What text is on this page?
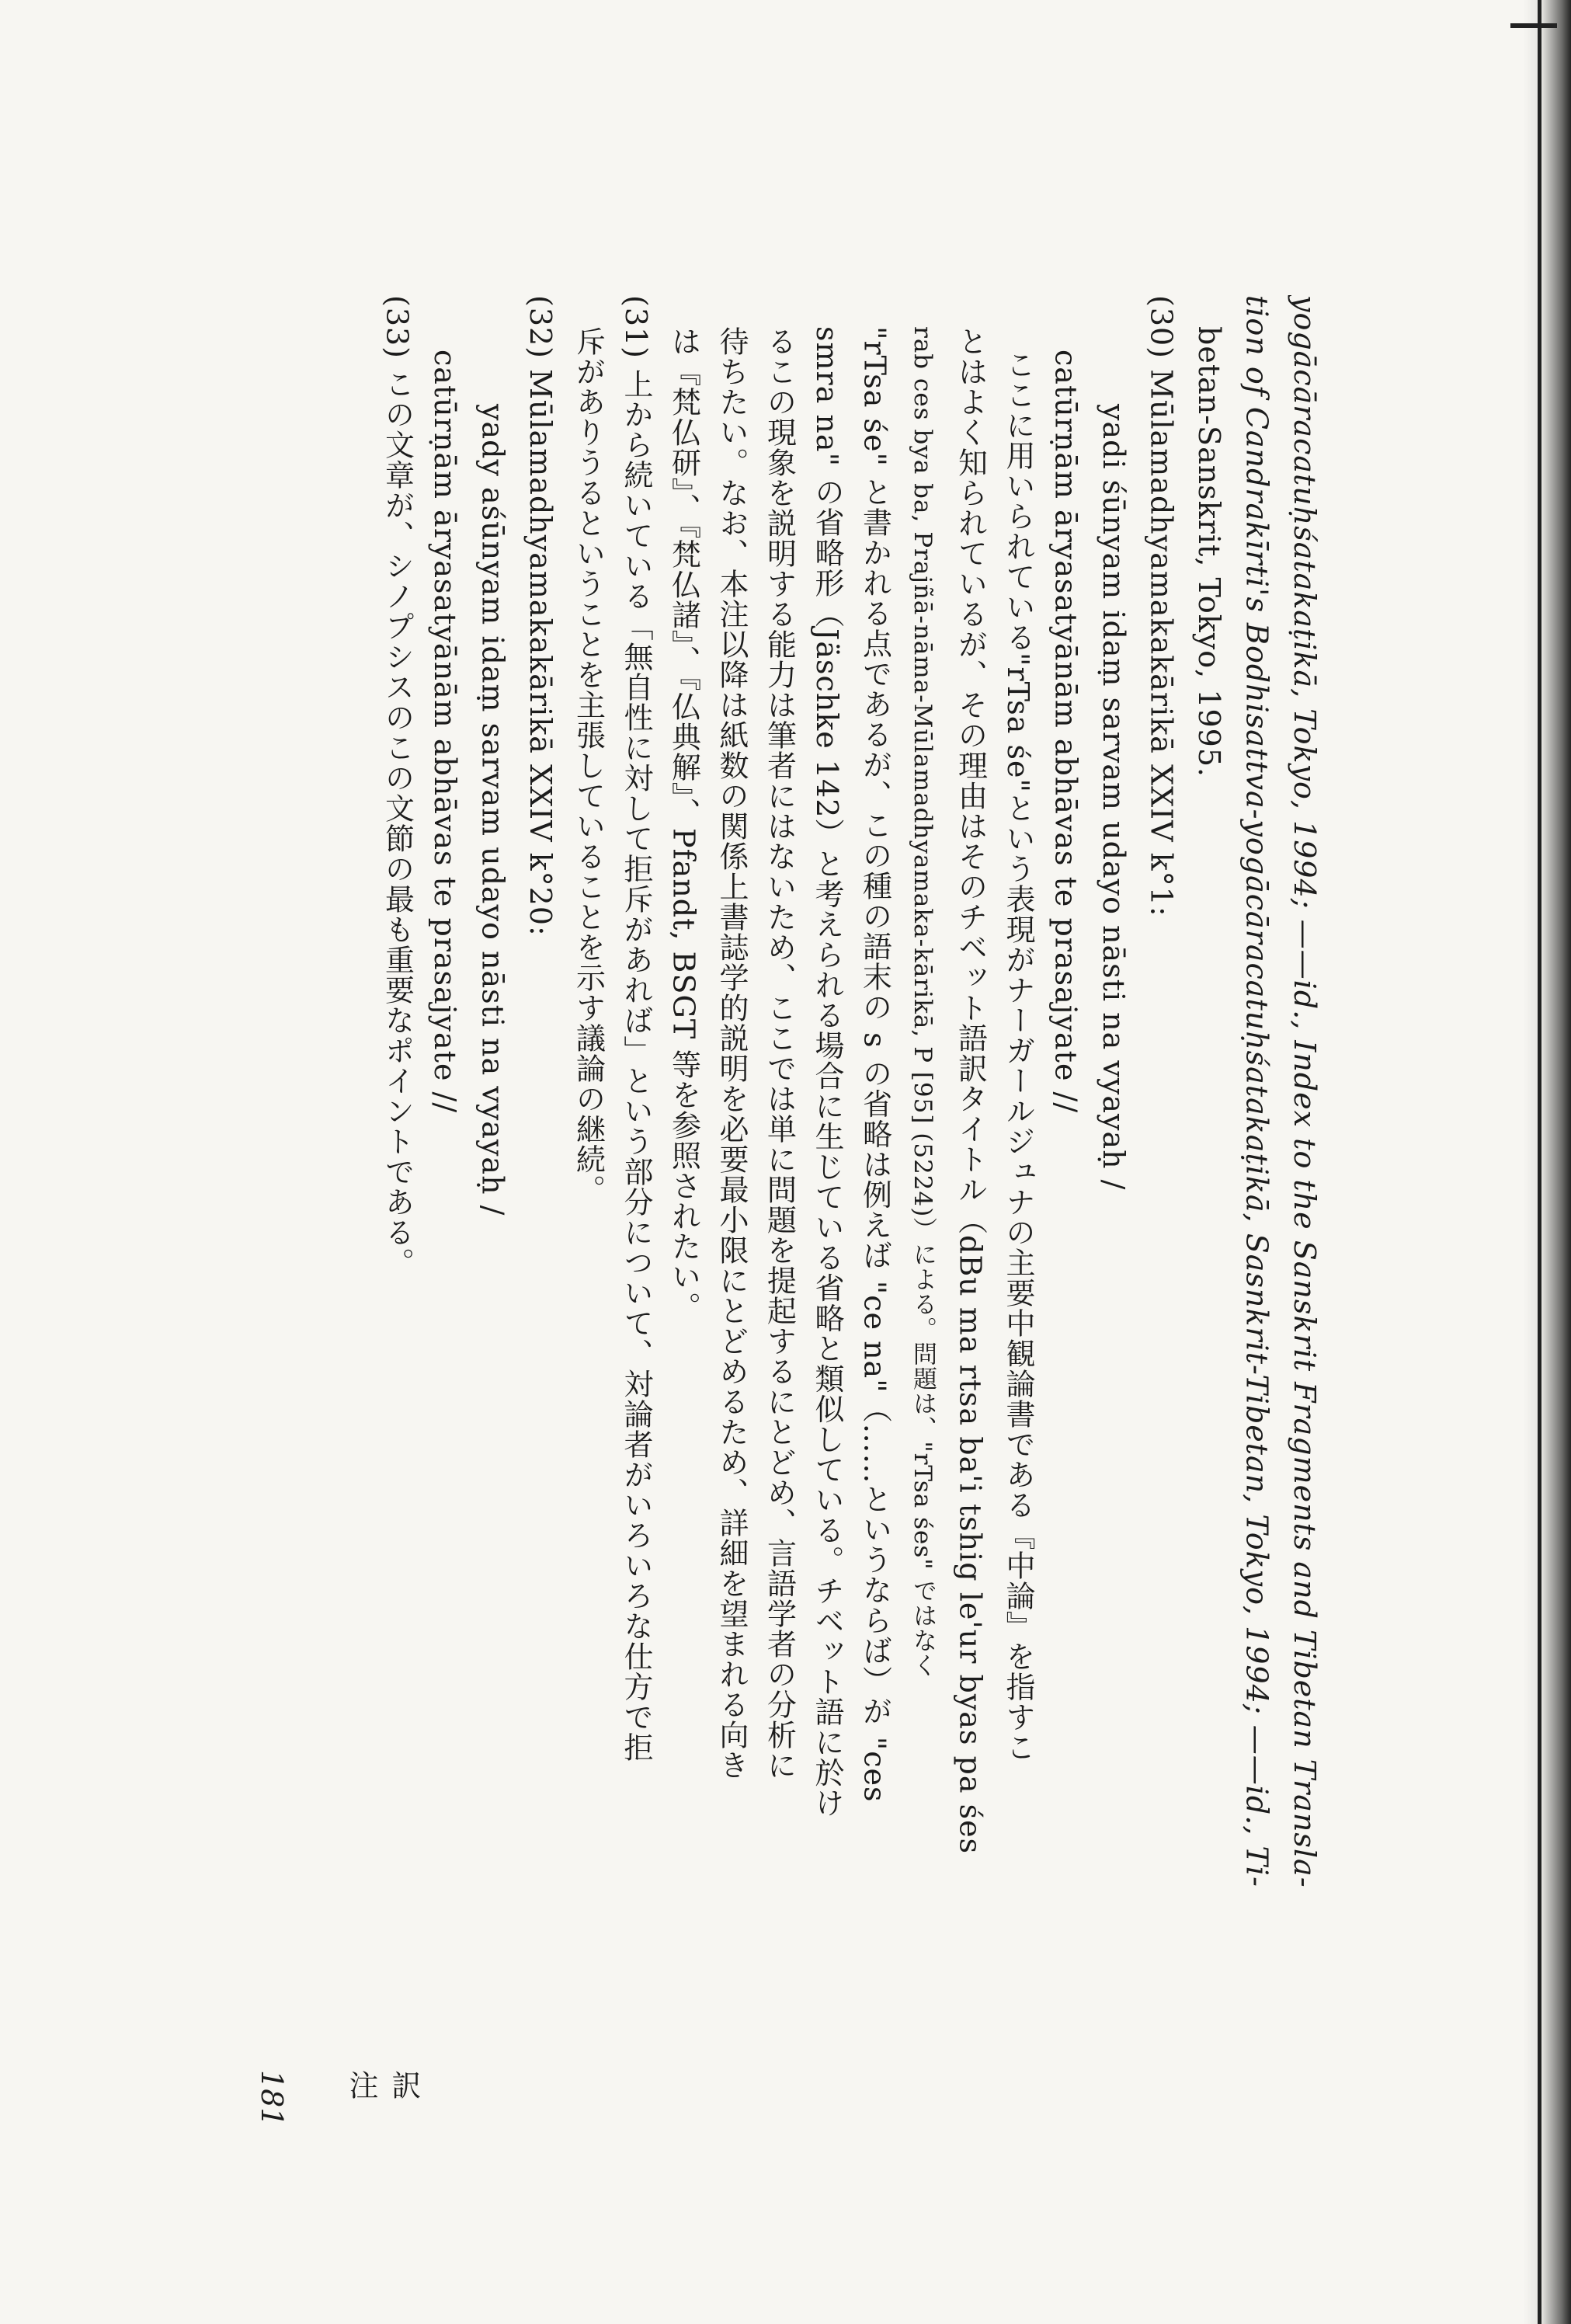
yogācāracatuḥśatakaṭikā, Tokyo, 1994; ——id., Index to the Sanskrit Fragments and Tibetan Transla-
tion of Candrakīrti's Bodhisattva-yogācāracatuḥśatakaṭikā, Sasnkrit-Tibetan, Tokyo, 1994; ——id., Ti-
betan-Sanskrit, Tokyo, 1995.
(30) Mūlamadhyamakakārikā XXIV k°1:
yadi śūnyam idaṃ sarvam udayo nāsti na vyayaḥ /
catūrṇām āryasatyānām abhāvas te prasajyate //
ここに用いられている"rTsa śe"という表現がナーガールジュナの主要中観論書である『中論』を指すこ
とはよく知られているが、その理由はそのチベット語訳タイトル（dBu ma rtsa ba'i tshig le'ur byas pa śes
rab ces bya ba, Prajñā-nāma-Mūlamadhyamaka-kārikā, P [95] (5224)）による。問題は、"rTsa śes" ではなく
"rTsa śe" と書かれる点であるが、この種の語末の s の省略は例えば "ce na"（……というならば）が "ces
smra na" の省略形（Jäschke 142）と考えられる場合に生じている省略と類似している。チベット語に於け
るこの現象を説明する能力は筆者にはないため、ここでは単に問題を提起するにとどめ、言語学者の分析に
待ちたい。なお、本注以降は紙数の関係上書誌学的説明を必要最小限にとどめるため、詳細を望まれる向き
は『梵仏研』、『梵仏諸』、『仏典解』、Pfandt, BSGT 等を参照されたい。
(31) 上から続いている「無自性に対して拒斥があれば」という部分について、対論者がいろいろな仕方で拒
斥がありうるということを主張していることを示す議論の継続。
(32) Mūlamadhyamakakārikā XXIV k°20:
yady aśūnyam idaṃ sarvam udayo nāsti na vyayaḥ /
catūrṇām āryasatyānām abhāvas te prasajyate //
(33) この文章が、シノプシスのこの文節の最も重要なポイントである。
181	訳 注
